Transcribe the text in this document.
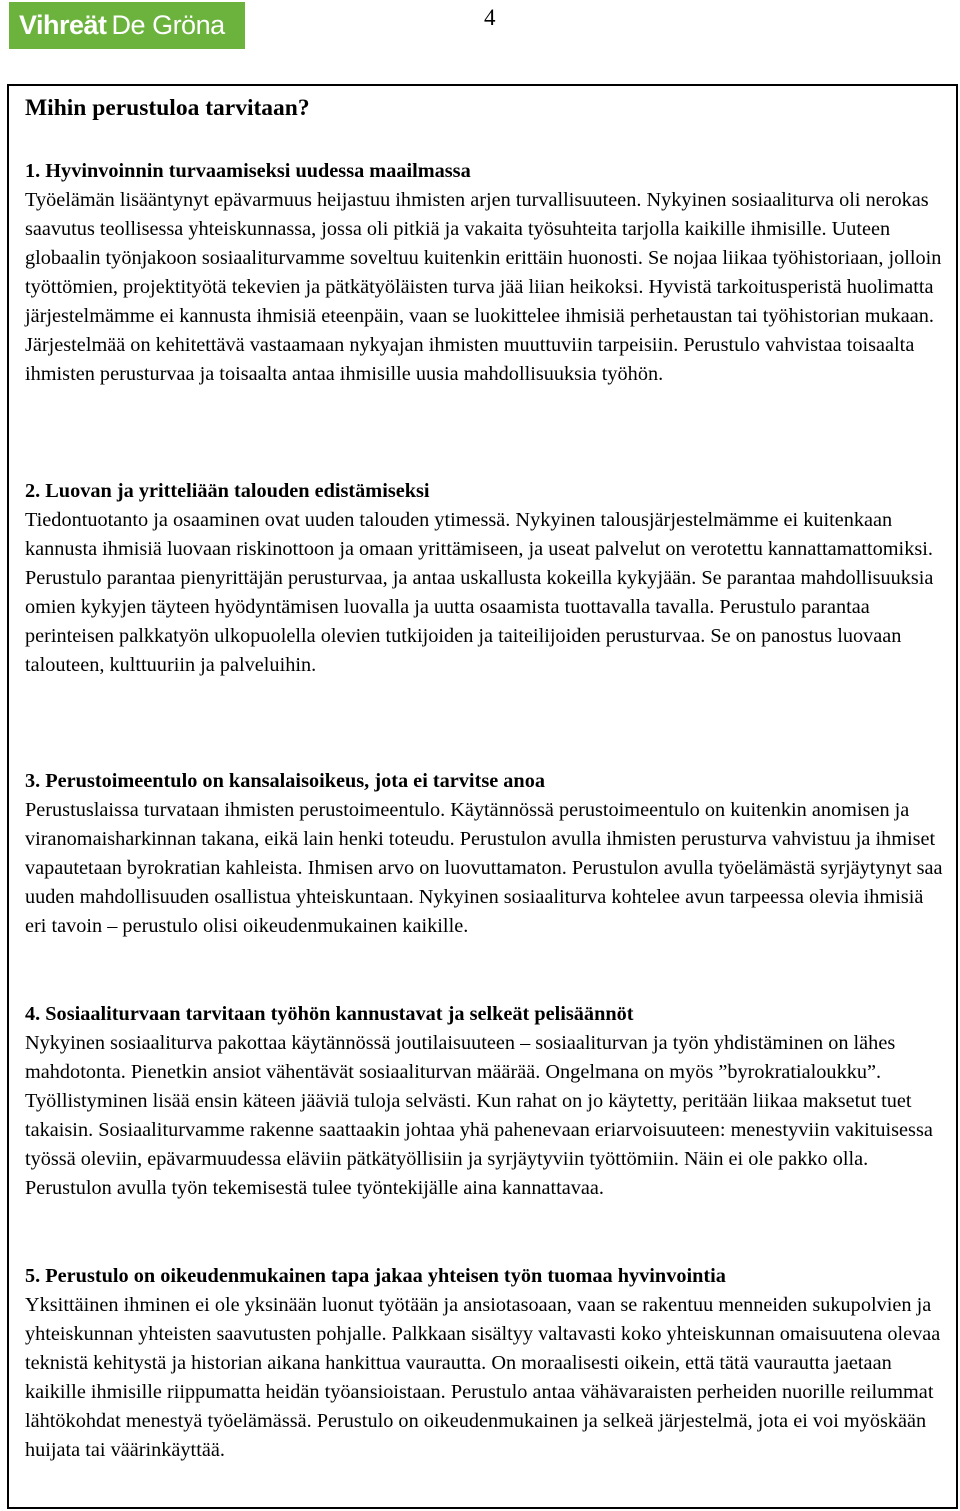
Vihreät De Gröna	4
Mihin perustuloa tarvitaan?
1. Hyvinvoinnin turvaamiseksi uudessa maailmassa
Työelämän lisääntynyt epävarmuus heijastuu ihmisten arjen turvallisuuteen. Nykyinen sosiaaliturva oli nerokas saavutus teollisessa yhteiskunnassa, jossa oli pitkiä ja vakaita työsuhteita tarjolla kaikille ihmisille. Uuteen globaalin työnjakoon sosiaaliturvamme soveltuu kuitenkin erittäin huonosti. Se nojaa liikaa työhistoriaan, jolloin työttömien, projektityötä tekevien ja pätkätyöläisten turva jää liian heikoksi. Hyvistä tarkoitusperistä huolimatta järjestelmämme ei kannusta ihmisiä eteenpäin, vaan se luokittelee ihmisiä perhetaustan tai työhistorian mukaan. Järjestelmää on kehitettävä vastaamaan nykyajan ihmisten muuttuviin tarpeisiin. Perustulo vahvistaa toisaalta ihmisten perusturvaa ja toisaalta antaa ihmisille uusia mahdollisuuksia työhön.
2. Luovan ja yritteliään talouden edistämiseksi
Tiedontuotanto ja osaaminen ovat uuden talouden ytimessä. Nykyinen talousjärjestelmämme ei kuitenkaan kannusta ihmisiä luovaan riskinottoon ja omaan yrittämiseen, ja useat palvelut on verotettu kannattamattomiksi. Perustulo parantaa pienyrittäjän perusturvaa, ja antaa uskallusta kokeilla kykyjään. Se parantaa mahdollisuuksia omien kykyjen täyteen hyödyntämisen luovalla ja uutta osaamista tuottavalla tavalla. Perustulo parantaa perinteisen palkkatyön ulkopuolella olevien tutkijoiden ja taiteilijoiden perusturvaa. Se on panostus luovaan talouteen, kulttuuriin ja palveluihin.
3. Perustoimeentulo on kansalaisoikeus, jota ei tarvitse anoa
Perustuslaissa turvataan ihmisten perustoimeentulo. Käytännössä perustoimeentulo on kuitenkin anomisen ja viranomaisharkinnan takana, eikä lain henki toteudu. Perustulon avulla ihmisten perusturva vahvistuu ja ihmiset vapautetaan byrokratian kahleista. Ihmisen arvo on luovuttamaton. Perustulon avulla työelämästä syrjäytynyt saa uuden mahdollisuuden osallistua yhteiskuntaan. Nykyinen sosiaaliturva kohtelee avun tarpeessa olevia ihmisiä eri tavoin – perustulo olisi oikeudenmukainen kaikille.
4. Sosiaaliturvaan tarvitaan työhön kannustavat ja selkeät pelisäännöt
Nykyinen sosiaaliturva pakottaa käytännössä joutilaisuuteen – sosiaaliturvan ja työn yhdistäminen on lähes mahdotonta. Pienetkin ansiot vähentävät sosiaaliturvan määrää. Ongelmana on myös ”byrokratialoukku”. Työllistyminen lisää ensin käteen jääviä tuloja selvästi. Kun rahat on jo käytetty, peritään liikaa maksetut tuet takaisin. Sosiaaliturvamme rakenne saattaakin johtaa yhä pahenevaan eriarvoisuuteen: menestyviin vakituisessa työssä oleviin, epävarmuudessa eläviin pätkätyöllisiin ja syrjäytyviin työttömiin. Näin ei ole pakko olla. Perustulon avulla työn tekemisestä tulee työntekijälle aina kannattavaa.
5. Perustulo on oikeudenmukainen tapa jakaa yhteisen työn tuomaa hyvinvointia
Yksittäinen ihminen ei ole yksinään luonut työtään ja ansiotasoaan, vaan se rakentuu menneiden sukupolvien ja yhteiskunnan yhteisten saavutusten pohjalle. Palkkaan sisältyy valtavasti koko yhteiskunnan omaisuutena olevaa teknistä kehitystä ja historian aikana hankittua vaurautta. On moraalisesti oikein, että tätä vaurautta jaetaan kaikille ihmisille riippumatta heidän työansioistaan. Perustulo antaa vähävaraisten perheiden nuorille reilummat lähtökohdat menestyä työelämässä. Perustulo on oikeudenmukainen ja selkeä järjestelmä, jota ei voi myöskään huijata tai väärinkäyttää.
